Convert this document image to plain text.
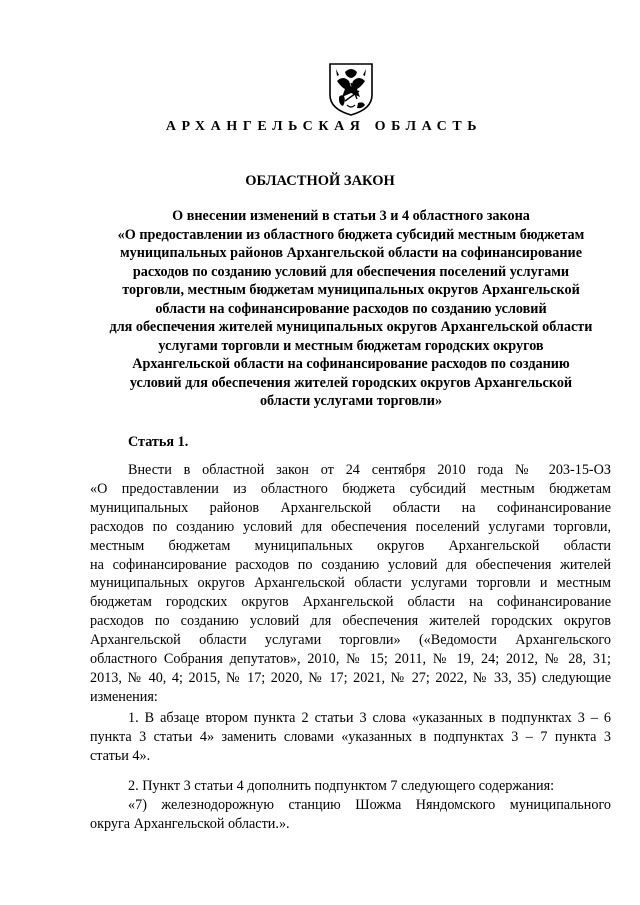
АРХАНГЕЛЬСКАЯ ОБЛАСТЬ
ОБЛАСТНОЙ ЗАКОН
О внесении изменений в статьи 3 и 4 областного закона
«О предоставлении из областного бюджета субсидий местным бюджетам
муниципальных районов Архангельской области на софинансирование
расходов по созданию условий для обеспечения поселений услугами
торговли, местным бюджетам муниципальных округов Архангельской
области на софинансирование расходов по созданию условий
для обеспечения жителей муниципальных округов Архангельской области
услугами торговли и местным бюджетам городских округов
Архангельской области на софинансирование расходов по созданию
условий для обеспечения жителей городских округов Архангельской
области услугами торговли»
Статья 1.
Внести в областной закон от 24 сентября 2010 года № 203-15-ОЗ
«О предоставлении из областного бюджета субсидий местным бюджетам
муниципальных районов Архангельской области на софинансирование
расходов по созданию условий для обеспечения поселений услугами торговли,
местным бюджетам муниципальных округов Архангельской области
на софинансирование расходов по созданию условий для обеспечения жителей
муниципальных округов Архангельской области услугами торговли и местным
бюджетам городских округов Архангельской области на софинансирование
расходов по созданию условий для обеспечения жителей городских округов
Архангельской области услугами торговли» («Ведомости Архангельского
областного Собрания депутатов», 2010, № 15; 2011, № 19, 24; 2012, № 28, 31;
2013, № 40, 4; 2015, № 17; 2020, № 17; 2021, № 27; 2022, № 33, 35) следующие
изменения:
1. В абзаце втором пункта 2 статьи 3 слова «указанных в подпунктах 3 – 6
пункта 3 статьи 4» заменить словами «указанных в подпунктах 3 – 7 пункта 3
статьи 4».
2. Пункт 3 статьи 4 дополнить подпунктом 7 следующего содержания:
«7) железнодорожную станцию Шожма Няндомского муниципального
округа Архангельской области.».
